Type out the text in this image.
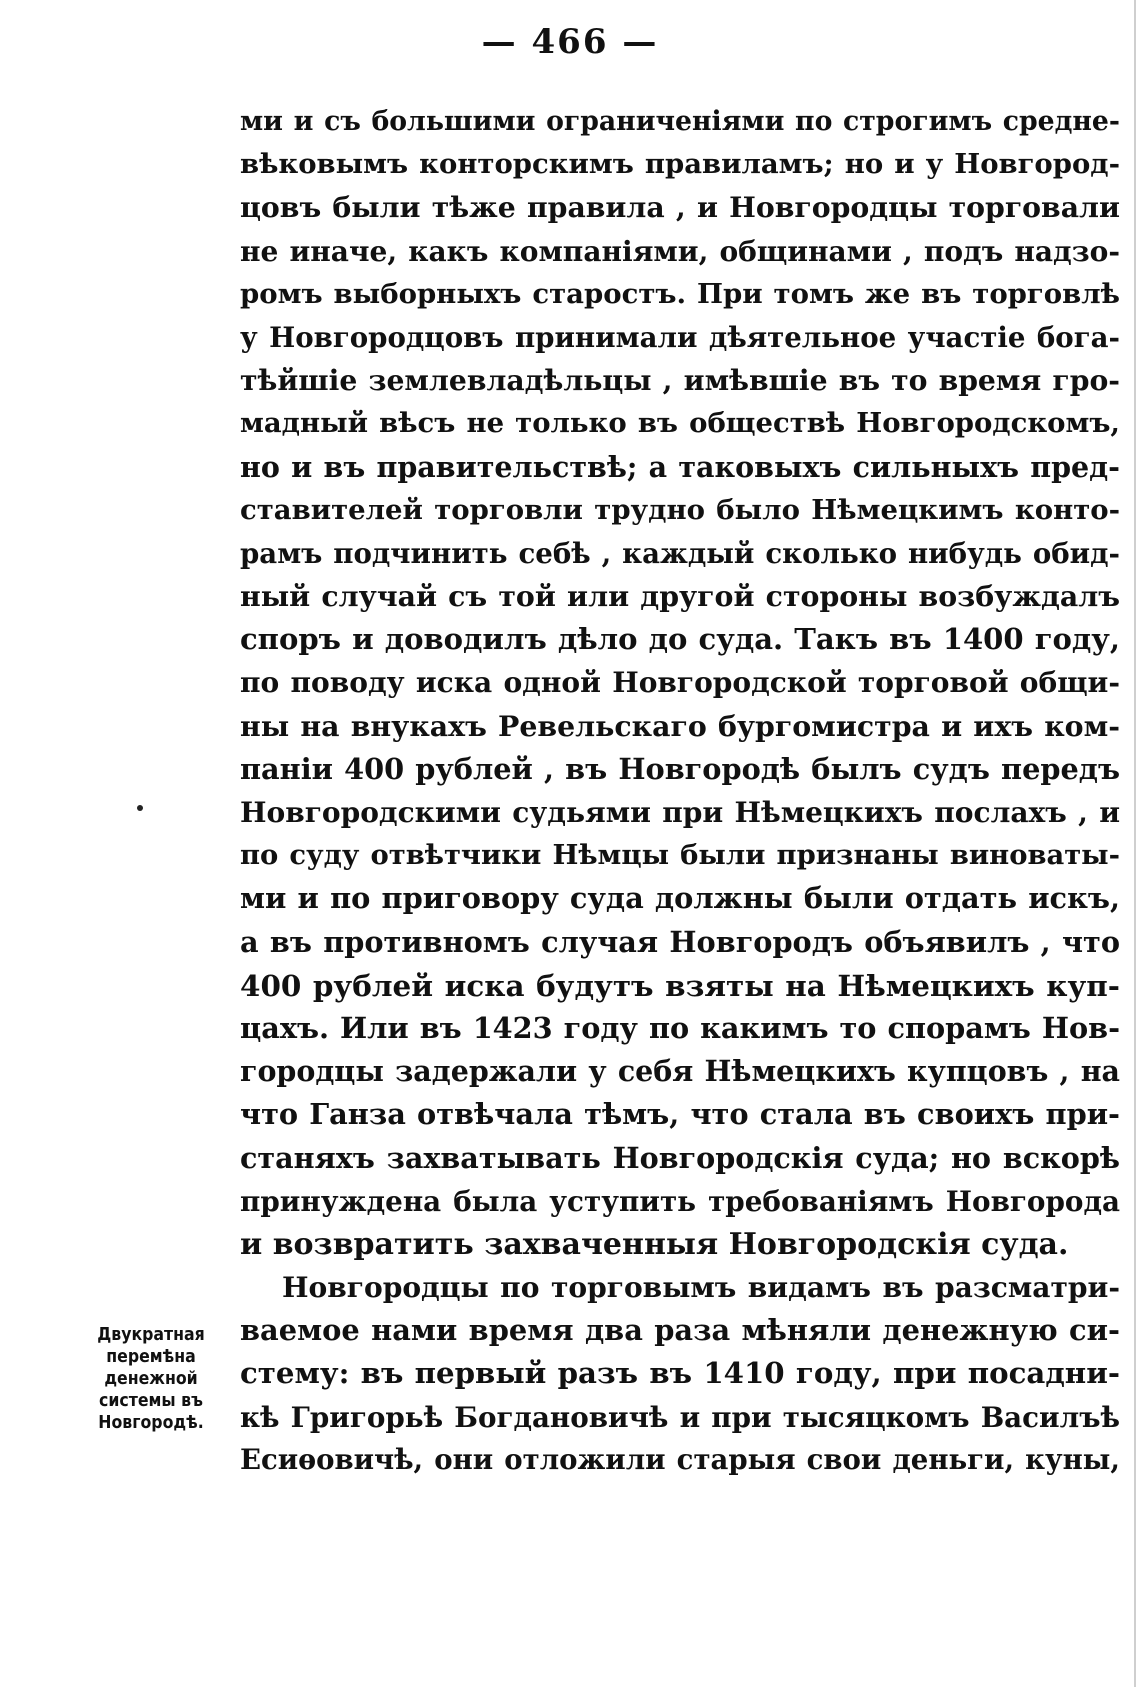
— 466 —
ми и съ большими ограниченіями по строгимъ средне-
вѣковымъ конторскимъ правиламъ; но и у Новгород-
цовъ были тѣже правила , и Новгородцы торговали
не иначе, какъ компаніями, общинами , подъ надзо-
ромъ выборныхъ старостъ. При томъ же въ торговлѣ
у Новгородцовъ принимали дѣятельное участіе бога-
тѣйшіе землевладѣльцы , имѣвшіе въ то время гро-
мадный вѣсъ не только въ обществѣ Новгородскомъ,
но и въ правительствѣ; а таковыхъ сильныхъ пред-
ставителей торговли трудно было Нѣмецкимъ конто-
рамъ подчинить себѣ , каждый сколько нибудь обид-
ный случай съ той или другой стороны возбуждалъ
споръ и доводилъ дѣло до суда. Такъ въ 1400 году,
по поводу иска одной Новгородской торговой общи-
ны на внукахъ Ревельскаго бургомистра и ихъ ком-
паніи 400 рублей , въ Новгородѣ былъ судъ передъ
Новгородскими судьями при Нѣмецкихъ послахъ , и
по суду отвѣтчики Нѣмцы были признаны виноваты-
ми и по приговору суда должны были отдать искъ,
а въ противномъ случая Новгородъ объявилъ , что
400 рублей иска будутъ взяты на Нѣмецкихъ куп-
цахъ. Или въ 1423 году по какимъ то спорамъ Нов-
городцы задержали у себя Нѣмецкихъ купцовъ , на
что Ганза отвѣчала тѣмъ, что стала въ своихъ при-
станяхъ захватывать Новгородскія суда; но вскорѣ
принуждена была уступить требованіямъ Новгорода
и возвратить захваченныя Новгородскія суда.
Новгородцы по торговымъ видамъ въ разсматри-
ваемое нами время два раза мѣняли денежную си-
стему: въ первый разъ въ 1410 году, при посадни-
кѣ Григорьѣ Богдановичѣ и при тысяцкомъ Василъѣ
Есиѳовичѣ, они отложили старыя свои деньги, куны,
Двукратная
перемѣна
денежной
системы въ
Новгородѣ.
